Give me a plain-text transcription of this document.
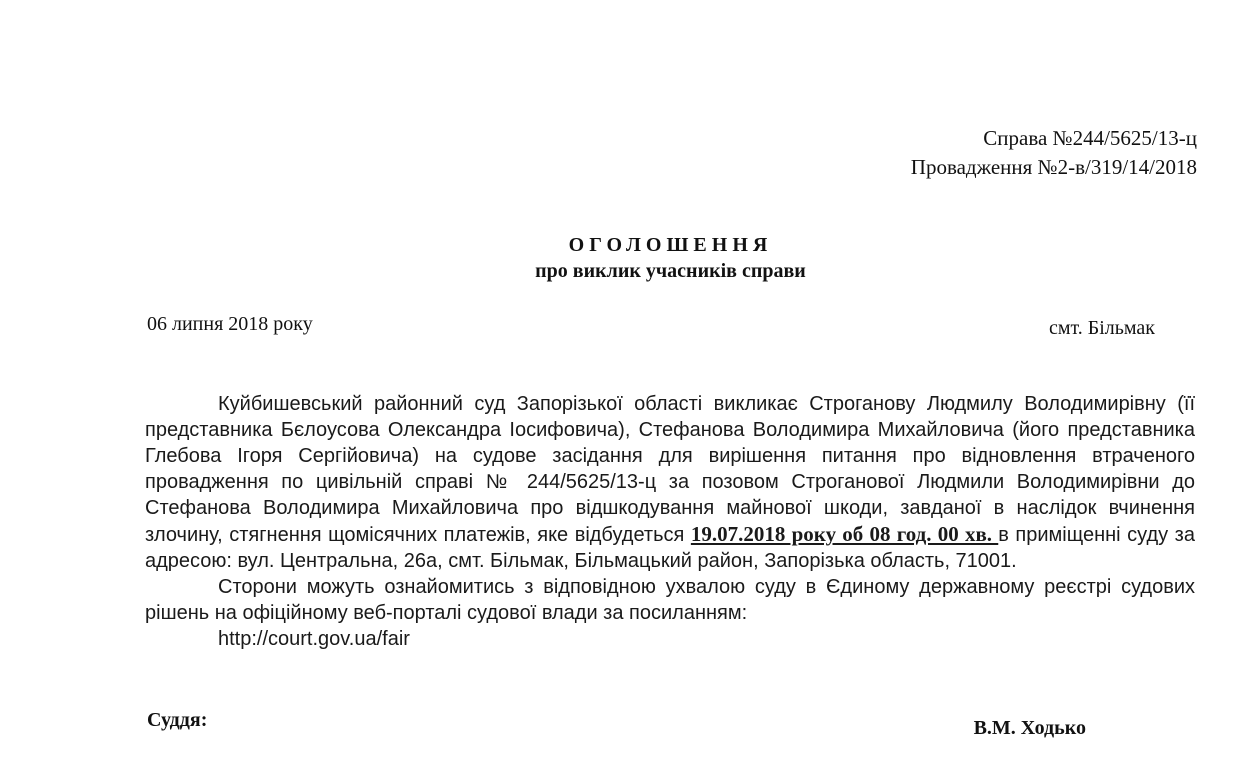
Справа №244/5625/13-ц
Провадження №2-в/319/14/2018
ОГОЛОШЕННЯ
про виклик учасників справи
06 липня 2018 року	смт. Більмак

Куйбишевський районний суд Запорізької області викликає Строганову Людмилу Володимирівну (її представника Бєлоусова Олександра Іосифовича), Стефанова Володимира Михайловича (його представника Глебова Ігоря Сергійовича) на судове засідання для вирішення питання про відновлення втраченого провадження по цивільній справі № 244/5625/13-ц за позовом Строганової Людмили Володимирівни до Стефанова Володимира Михайловича про відшкодування майнової шкоди, завданої в наслідок вчинення злочину, стягнення щомісячних платежів, яке відбудеться 19.07.2018 року об 08 год. 00 хв. в приміщенні суду за адресою: вул. Центральна, 26а, смт. Більмак, Більмацький район, Запорізька область, 71001.

Сторони можуть ознайомитись з відповідною ухвалою суду в Єдиному державному реєстрі судових рішень на офіційному веб-порталі судової влади за посиланням:

http://court.gov.ua/fair
Суддя:	В.М. Ходько
